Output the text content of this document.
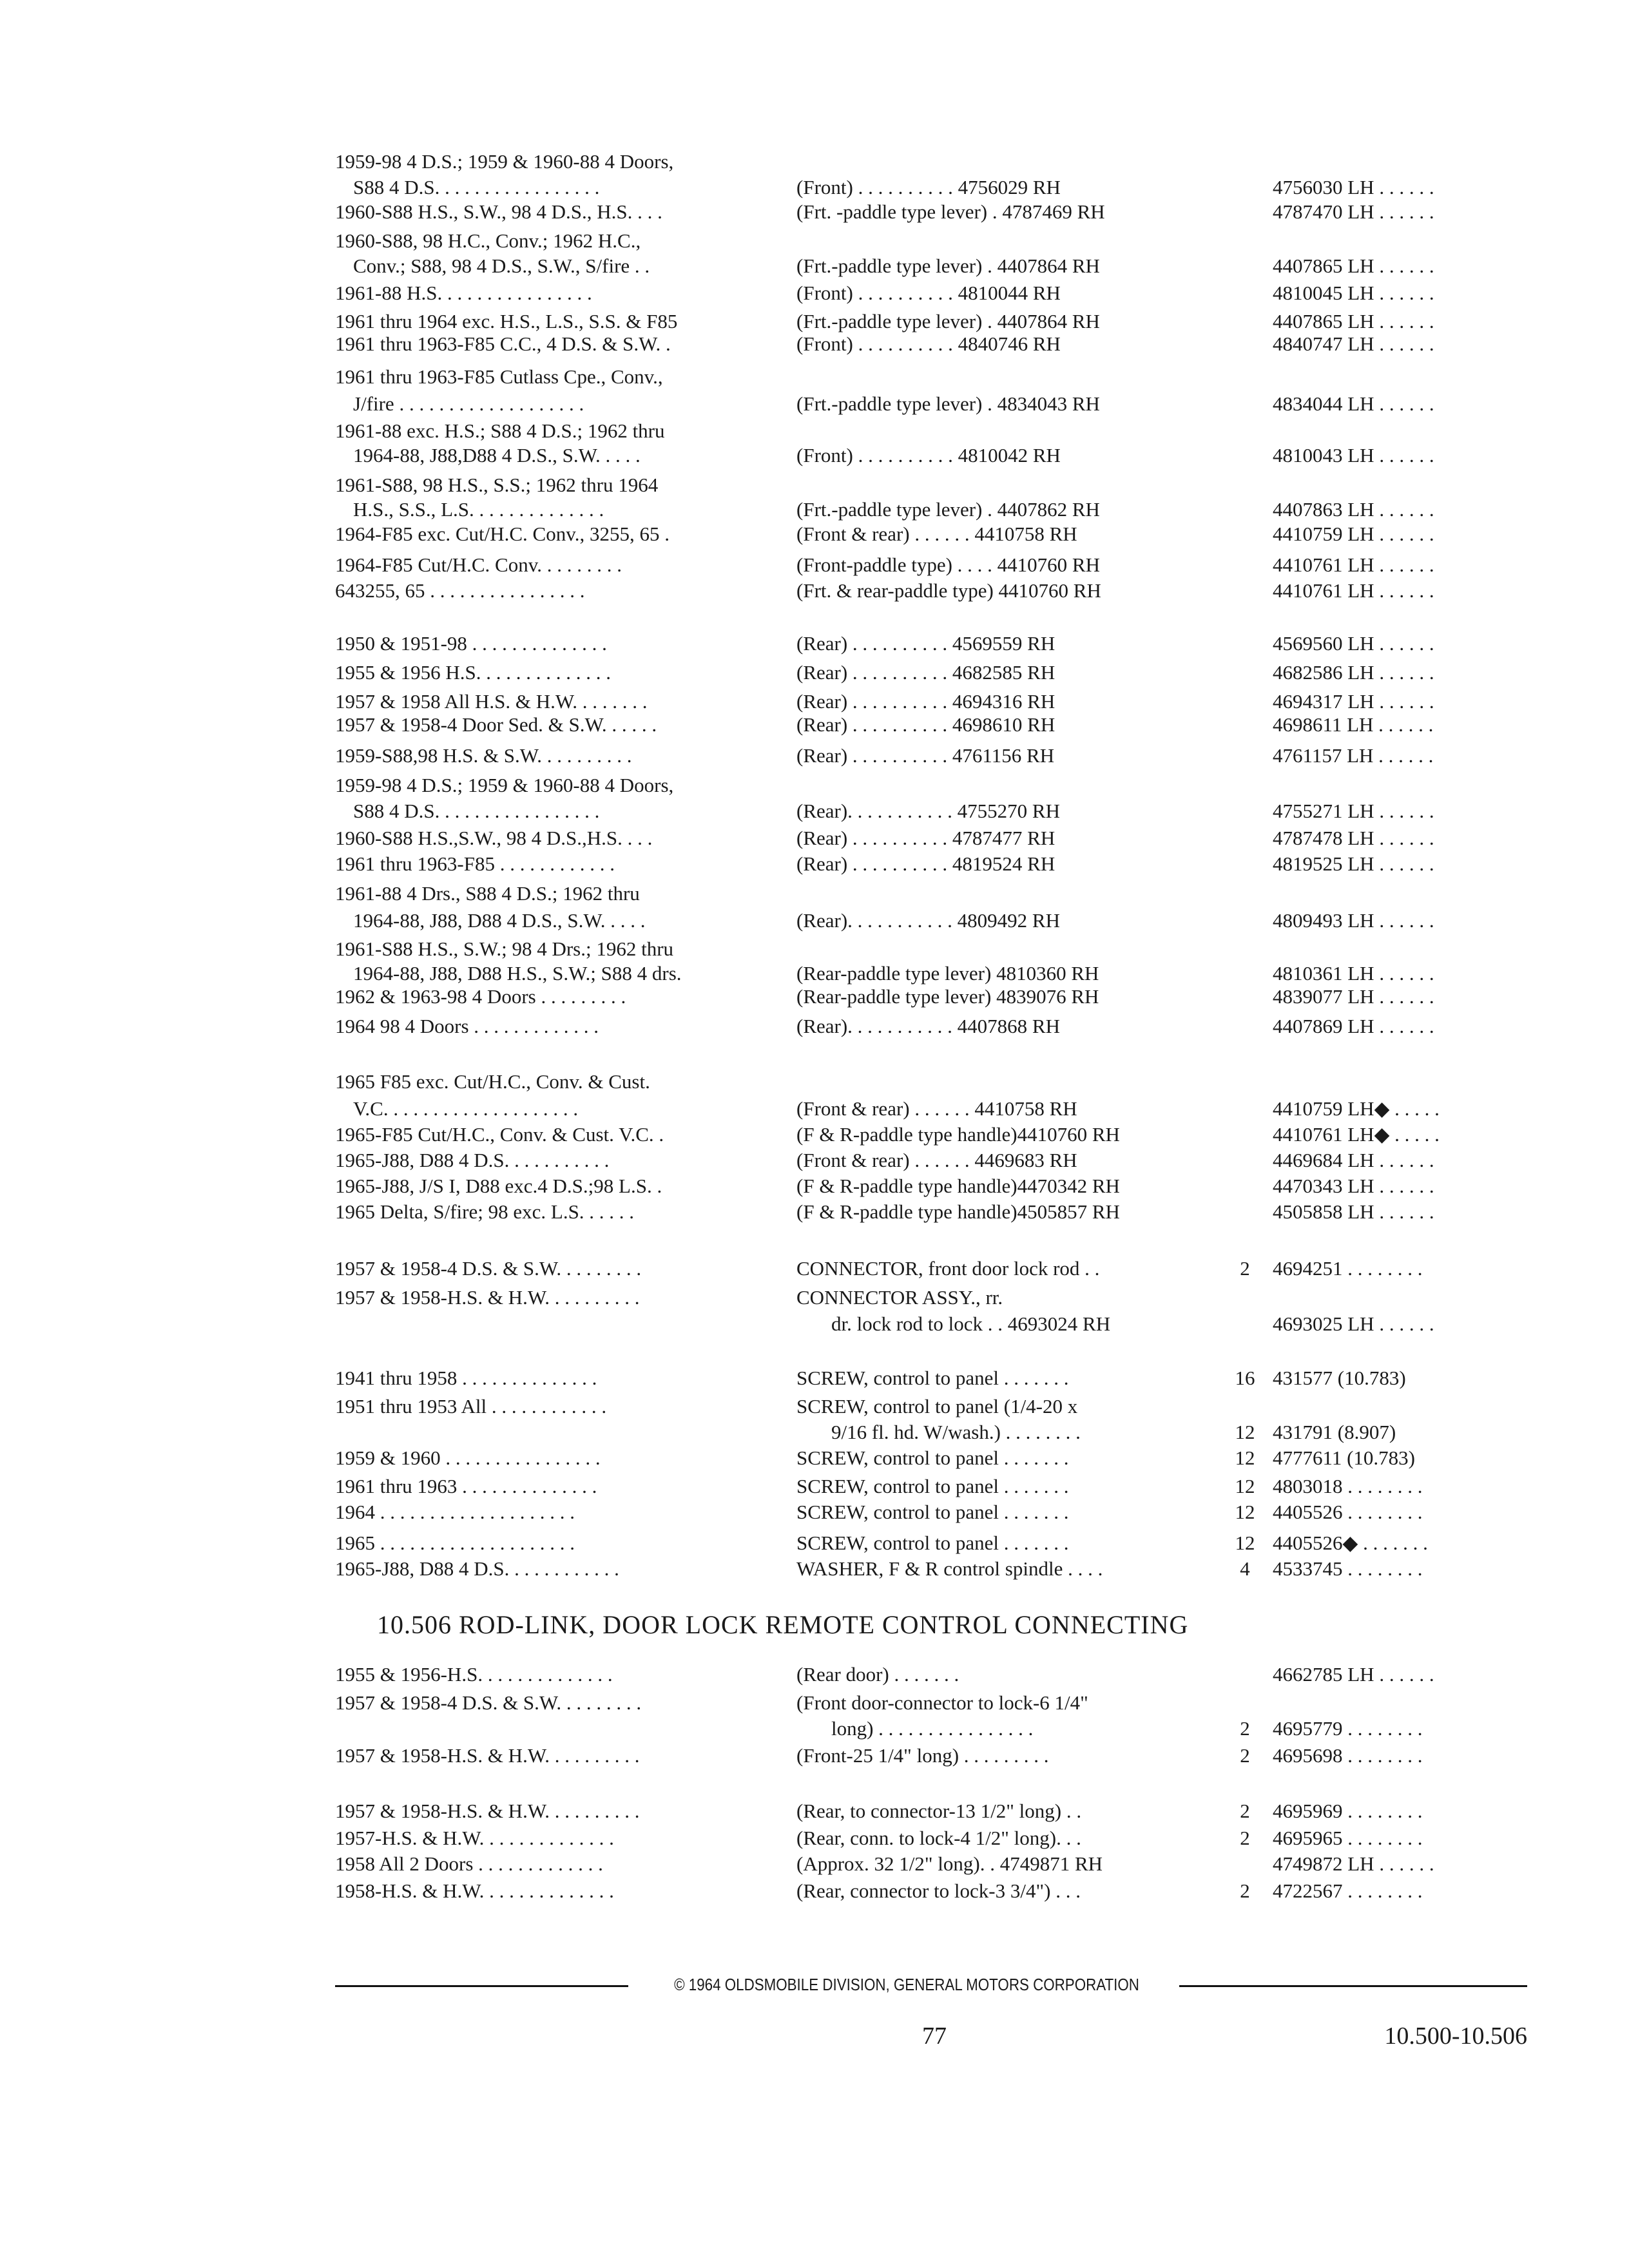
1959-98 4 D.S.; 1959 & 1960-88 4 Doors,
S88 4 D.S. . . . . . . . . . . . . . . . .	(Front) . . . . . . . . . . 4756029 RH	4756030 LH . . . . . .
1960-S88 H.S., S.W., 98 4 D.S., H.S. . . .	(Frt. -paddle type lever) . 4787469 RH	4787470 LH . . . . . .
1960-S88, 98 H.C., Conv.; 1962 H.C.,
Conv.; S88, 98 4 D.S., S.W., S/fire . .	(Frt.-paddle type lever) . 4407864 RH	4407865 LH . . . . . .
1961-88 H.S. . . . . . . . . . . . . . . .	(Front) . . . . . . . . . . 4810044 RH	4810045 LH . . . . . .
1961 thru 1964 exc. H.S., L.S., S.S. & F85	(Frt.-paddle type lever) . 4407864 RH	4407865 LH . . . . . .
1961 thru 1963-F85 C.C., 4 D.S. & S.W. .	(Front) . . . . . . . . . . 4840746 RH	4840747 LH . . . . . .
1961 thru 1963-F85 Cutlass Cpe., Conv.,
J/fire . . . . . . . . . . . . . . . . . . .	(Frt.-paddle type lever) . 4834043 RH	4834044 LH . . . . . .
1961-88 exc. H.S.; S88 4 D.S.; 1962 thru
1964-88, J88,D88 4 D.S., S.W. . . . .	(Front) . . . . . . . . . . 4810042 RH	4810043 LH . . . . . .
1961-S88, 98 H.S., S.S.; 1962 thru 1964
H.S., S.S., L.S. . . . . . . . . . . . . .	(Frt.-paddle type lever) . 4407862 RH	4407863 LH . . . . . .
1964-F85 exc. Cut/H.C. Conv., 3255, 65 .	(Front & rear) . . . . . . 4410758 RH	4410759 LH . . . . . .
1964-F85 Cut/H.C. Conv. . . . . . . . .	(Front-paddle type) . . . . 4410760 RH	4410761 LH . . . . . .
643255, 65 . . . . . . . . . . . . . . . .	(Frt. & rear-paddle type) 4410760 RH	4410761 LH . . . . . .
1950 & 1951-98 . . . . . . . . . . . . . .	(Rear) . . . . . . . . . . 4569559 RH	4569560 LH . . . . . .
1955 & 1956 H.S. . . . . . . . . . . . . .	(Rear) . . . . . . . . . . 4682585 RH	4682586 LH . . . . . .
1957 & 1958 All H.S. & H.W. . . . . . . .	(Rear) . . . . . . . . . . 4694316 RH	4694317 LH . . . . . .
1957 & 1958-4 Door Sed. & S.W. . . . . .	(Rear) . . . . . . . . . . 4698610 RH	4698611 LH . . . . . .
1959-S88,98 H.S. & S.W. . . . . . . . . .	(Rear) . . . . . . . . . . 4761156 RH	4761157 LH . . . . . .
1959-98 4 D.S.; 1959 & 1960-88 4 Doors,
S88 4 D.S. . . . . . . . . . . . . . . . .	(Rear). . . . . . . . . . . 4755270 RH	4755271 LH . . . . . .
1960-S88 H.S.,S.W., 98 4 D.S.,H.S. . . .	(Rear) . . . . . . . . . . 4787477 RH	4787478 LH . . . . . .
1961 thru 1963-F85 . . . . . . . . . . . .	(Rear) . . . . . . . . . . 4819524 RH	4819525 LH . . . . . .
1961-88 4 Drs., S88 4 D.S.; 1962 thru
1964-88, J88, D88 4 D.S., S.W. . . . .	(Rear). . . . . . . . . . . 4809492 RH	4809493 LH . . . . . .
1961-S88 H.S., S.W.; 98 4 Drs.; 1962 thru
1964-88, J88, D88 H.S., S.W.; S88 4 drs.	(Rear-paddle type lever) 4810360 RH	4810361 LH . . . . . .
1962 & 1963-98 4 Doors . . . . . . . . .	(Rear-paddle type lever) 4839076 RH	4839077 LH . . . . . .
1964 98 4 Doors . . . . . . . . . . . . .	(Rear). . . . . . . . . . . 4407868 RH	4407869 LH . . . . . .
1965 F85 exc. Cut/H.C., Conv. & Cust.
V.C. . . . . . . . . . . . . . . . . . . .	(Front & rear) . . . . . . 4410758 RH	4410759 LH◆ . . . . .
1965-F85 Cut/H.C., Conv. & Cust. V.C. .	(F & R-paddle type handle)4410760 RH	4410761 LH◆ . . . . .
1965-J88, D88 4 D.S. . . . . . . . . . .	(Front & rear) . . . . . . 4469683 RH	4469684 LH . . . . . .
1965-J88, J/S I, D88 exc.4 D.S.;98 L.S. .	(F & R-paddle type handle)4470342 RH	4470343 LH . . . . . .
1965 Delta, S/fire; 98 exc. L.S. . . . . .	(F & R-paddle type handle)4505857 RH	4505858 LH . . . . . .
1957 & 1958-4 D.S. & S.W. . . . . . . . .	CONNECTOR, front door lock rod . .	2	4694251 . . . . . . . .
1957 & 1958-H.S. & H.W. . . . . . . . . .	CONNECTOR ASSY., rr.
dr. lock rod to lock . . 4693024 RH	4693025 LH . . . . . .
1941 thru 1958 . . . . . . . . . . . . . .	SCREW, control to panel . . . . . . .	16 431577 (10.783)
1951 thru 1953 All . . . . . . . . . . . .	SCREW, control to panel (1/4-20 x
9/16 fl. hd. W/wash.) . . . . . . . .	12 431791 (8.907)
1959 & 1960 . . . . . . . . . . . . . . . .	SCREW, control to panel . . . . . . .	12 4777611 (10.783)
1961 thru 1963 . . . . . . . . . . . . . .	SCREW, control to panel . . . . . . .	12 4803018 . . . . . . . .
1964 . . . . . . . . . . . . . . . . . . . .	SCREW, control to panel . . . . . . .	12 4405526 . . . . . . . .
1965 . . . . . . . . . . . . . . . . . . . .	SCREW, control to panel . . . . . . .	12 4405526◆ . . . . . . .
1965-J88, D88 4 D.S. . . . . . . . . . . .	WASHER, F & R control spindle . . . .	4	4533745 . . . . . . . .
10.506 ROD-LINK, DOOR LOCK REMOTE CONTROL CONNECTING
1955 & 1956-H.S. . . . . . . . . . . . . .	(Rear door) . . . . . . .	4662785 LH . . . . . .
1957 & 1958-4 D.S. & S.W. . . . . . . . .	(Front door-connector to lock-6 1/4"
long) . . . . . . . . . . . . . . . .	2	4695779 . . . . . . . .
1957 & 1958-H.S. & H.W. . . . . . . . . .	(Front-25 1/4" long) . . . . . . . . .	2	4695698 . . . . . . . .
1957 & 1958-H.S. & H.W. . . . . . . . . .	(Rear, to connector-13 1/2" long) . .	2	4695969 . . . . . . . .
1957-H.S. & H.W. . . . . . . . . . . . . .	(Rear, conn. to lock-4 1/2" long). . .	2	4695965 . . . . . . . .
1958 All 2 Doors . . . . . . . . . . . . .	(Approx. 32 1/2" long). . 4749871 RH	4749872 LH . . . . . .
1958-H.S. & H.W. . . . . . . . . . . . . .	(Rear, connector to lock-3 3/4") . . .	2	4722567 . . . . . . . .
© 1964 OLDSMOBILE DIVISION, GENERAL MOTORS CORPORATION
77	10.500-10.506
